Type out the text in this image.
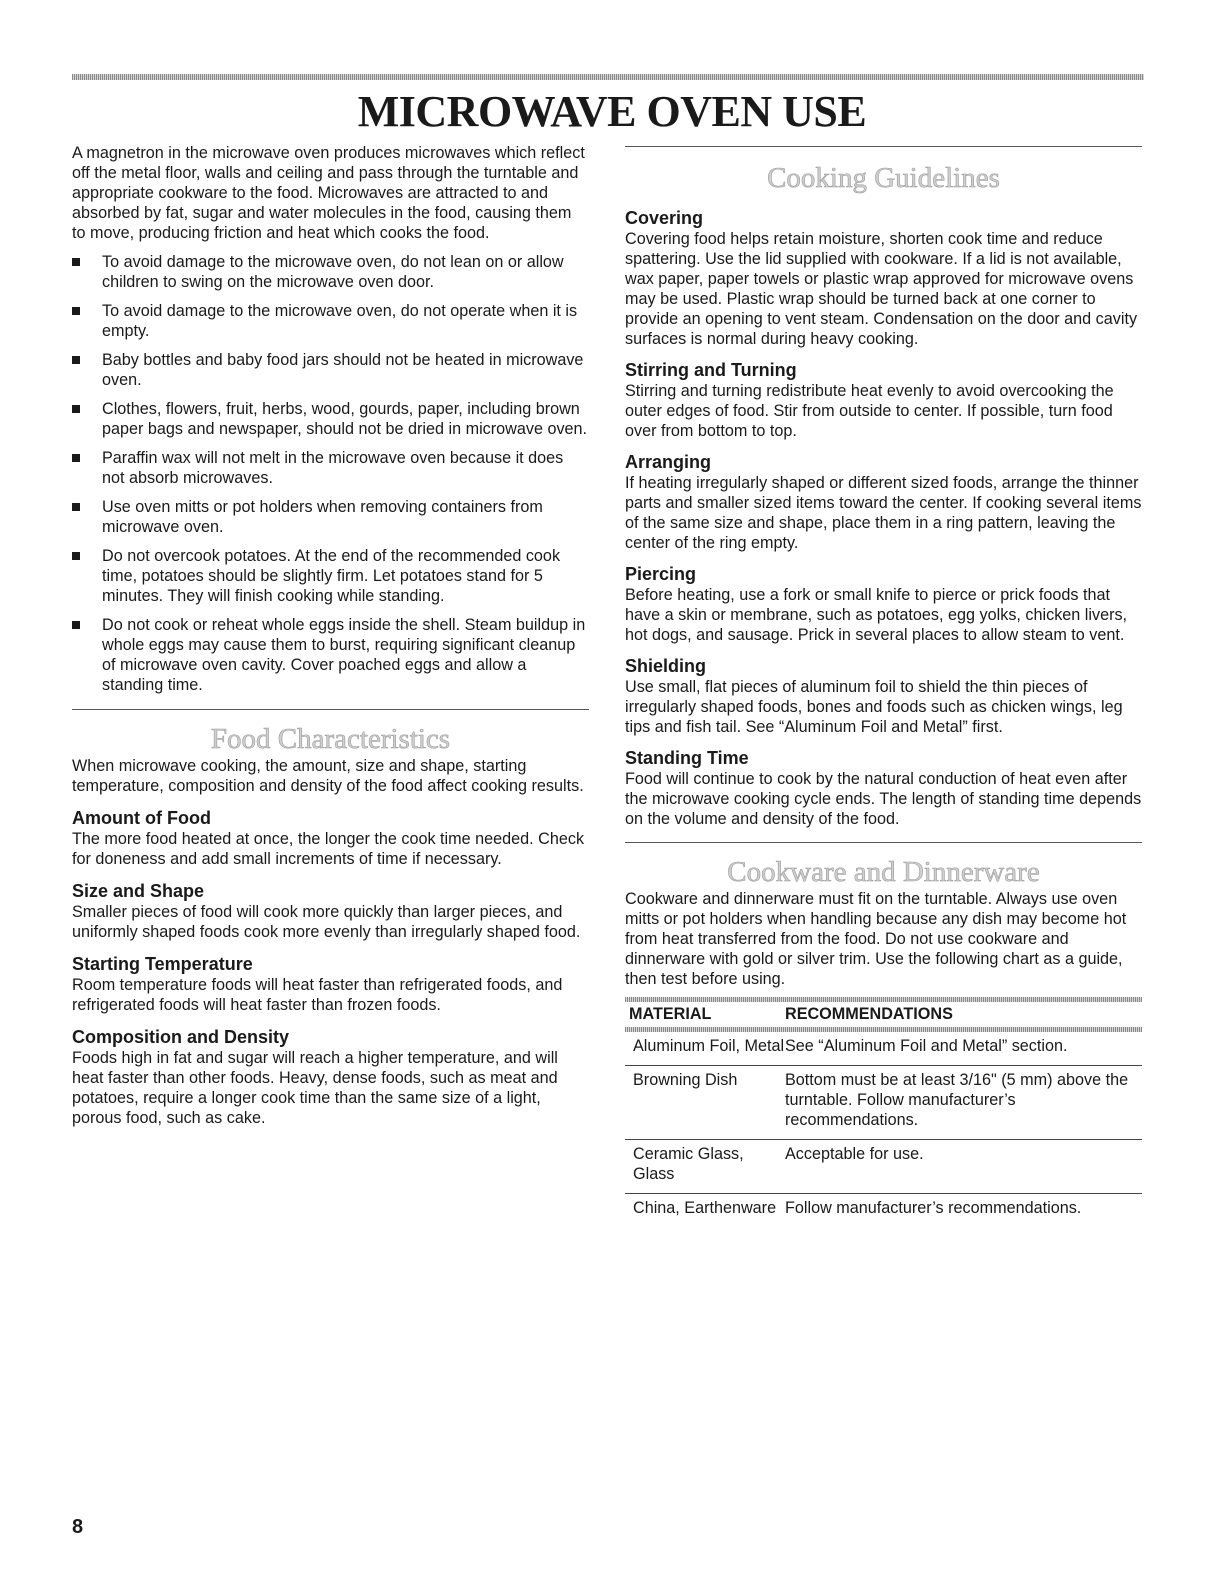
MICROWAVE OVEN USE

A magnetron in the microwave oven produces microwaves which reflect off the metal floor, walls and ceiling and pass through the turntable and appropriate cookware to the food. Microwaves are attracted to and absorbed by fat, sugar and water molecules in the food, causing them to move, producing friction and heat which cooks the food.

To avoid damage to the microwave oven, do not lean on or allow children to swing on the microwave oven door.
To avoid damage to the microwave oven, do not operate when it is empty.
Baby bottles and baby food jars should not be heated in microwave oven.
Clothes, flowers, fruit, herbs, wood, gourds, paper, including brown paper bags and newspaper, should not be dried in microwave oven.
Paraffin wax will not melt in the microwave oven because it does not absorb microwaves.
Use oven mitts or pot holders when removing containers from microwave oven.
Do not overcook potatoes. At the end of the recommended cook time, potatoes should be slightly firm. Let potatoes stand for 5 minutes. They will finish cooking while standing.
Do not cook or reheat whole eggs inside the shell. Steam buildup in whole eggs may cause them to burst, requiring significant cleanup of microwave oven cavity. Cover poached eggs and allow a standing time.
Food Characteristics

When microwave cooking, the amount, size and shape, starting temperature, composition and density of the food affect cooking results.

Amount of Food

The more food heated at once, the longer the cook time needed. Check for doneness and add small increments of time if necessary.

Size and Shape

Smaller pieces of food will cook more quickly than larger pieces, and uniformly shaped foods cook more evenly than irregularly shaped food.

Starting Temperature

Room temperature foods will heat faster than refrigerated foods, and refrigerated foods will heat faster than frozen foods.

Composition and Density

Foods high in fat and sugar will reach a higher temperature, and will heat faster than other foods. Heavy, dense foods, such as meat and potatoes, require a longer cook time than the same size of a light, porous food, such as cake.

Cooking Guidelines
Covering

Covering food helps retain moisture, shorten cook time and reduce spattering. Use the lid supplied with cookware. If a lid is not available, wax paper, paper towels or plastic wrap approved for microwave ovens may be used. Plastic wrap should be turned back at one corner to provide an opening to vent steam. Condensation on the door and cavity surfaces is normal during heavy cooking.

Stirring and Turning

Stirring and turning redistribute heat evenly to avoid overcooking the outer edges of food. Stir from outside to center. If possible, turn food over from bottom to top.

Arranging

If heating irregularly shaped or different sized foods, arrange the thinner parts and smaller sized items toward the center. If cooking several items of the same size and shape, place them in a ring pattern, leaving the center of the ring empty.

Piercing

Before heating, use a fork or small knife to pierce or prick foods that have a skin or membrane, such as potatoes, egg yolks, chicken livers, hot dogs, and sausage. Prick in several places to allow steam to vent.

Shielding

Use small, flat pieces of aluminum foil to shield the thin pieces of irregularly shaped foods, bones and foods such as chicken wings, leg tips and fish tail. See “Aluminum Foil and Metal” first.

Standing Time

Food will continue to cook by the natural conduction of heat even after the microwave cooking cycle ends. The length of standing time depends on the volume and density of the food.

Cookware and Dinnerware

Cookware and dinnerware must fit on the turntable. Always use oven mitts or pot holders when handling because any dish may become hot from heat transferred from the food. Do not use cookware and dinnerware with gold or silver trim. Use the following chart as a guide, then test before using.

MATERIAL	RECOMMENDATIONS
Aluminum Foil, Metal See “Aluminum Foil and Metal” section.
Browning Dish	Bottom must be at least 3/16" (5 mm) above the turntable. Follow manufacturer’s recommendations.
Ceramic Glass, Glass
Acceptable for use.
China, Earthenware Follow manufacturer’s recommendations.
8
